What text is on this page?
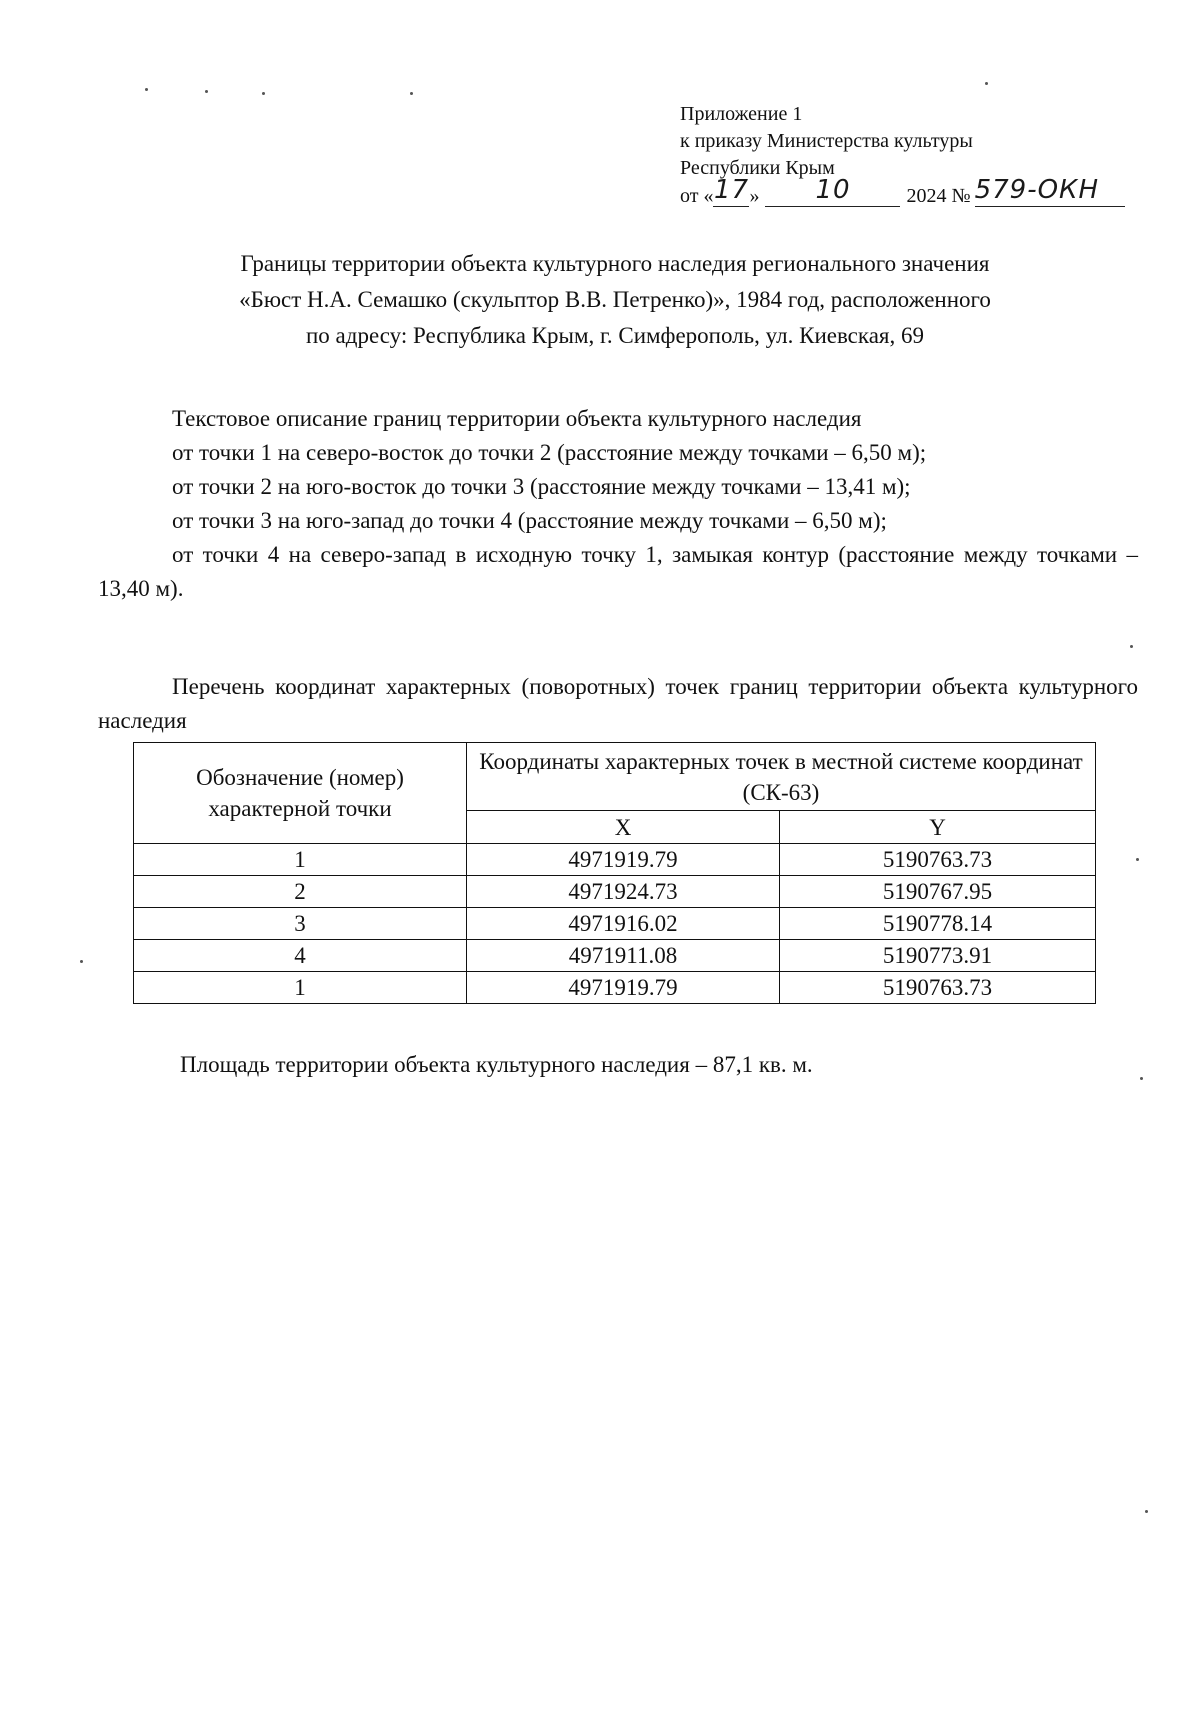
Приложение 1
к приказу Министерства культуры
Республики Крым
от «17» 10	2024 № 579-ОКН
Границы территории объекта культурного наследия регионального значения
«Бюст Н.А. Семашко (скульптор В.В. Петренко)», 1984 год, расположенного
по адресу: Республика Крым, г. Симферополь, ул. Киевская, 69
Текстовое описание границ территории объекта культурного наследия
от точки 1 на северо-восток до точки 2 (расстояние между точками – 6,50 м);
от точки 2 на юго-восток до точки 3 (расстояние между точками – 13,41 м);
от точки 3 на юго-запад до точки 4 (расстояние между точками – 6,50 м);
от точки 4 на северо-запад в исходную точку 1, замыкая контур (расстояние между точками – 13,40 м).
Перечень координат характерных (поворотных) точек границ территории объекта культурного наследия
Обозначение (номер) характерной точки	Координаты характерных точек в местной системе координат (СК-63)	
	X	Y
1	4971919.79	5190763.73
2	4971924.73	5190767.95
3	4971916.02	5190778.14
4	4971911.08	5190773.91
1	4971919.79	5190763.73
Площадь территории объекта культурного наследия – 87,1 кв. м.
